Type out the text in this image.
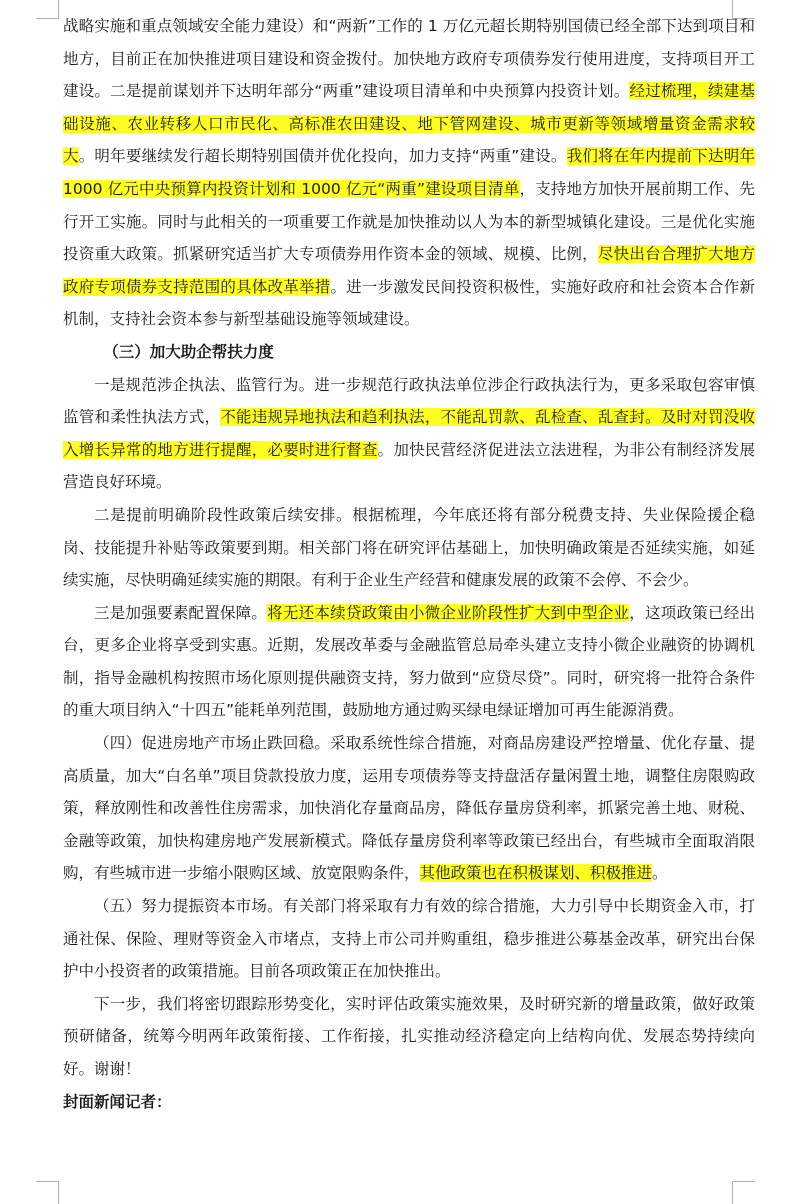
战略实施和重点领域安全能力建设）和“两新”工作的 1 万亿元超长期特别国债已经全部下达到项目和地方，目前正在加快推进项目建设和资金拨付。加快地方政府专项债券发行使用进度，支持项目开工建设。二是提前谋划并下达明年部分“两重”建设项目清单和中央预算内投资计划。经过梳理，续建基础设施、农业转移人口市民化、高标准农田建设、地下管网建设、城市更新等领域增量资金需求较大。明年要继续发行超长期特别国债并优化投向，加力支持“两重”建设。我们将在年内提前下达明年 1000 亿元中央预算内投资计划和 1000 亿元“两重”建设项目清单，支持地方加快开展前期工作、先行开工实施。同时与此相关的一项重要工作就是加快推动以人为本的新型城镇化建设。三是优化实施投资重大政策。抓紧研究适当扩大专项债券用作资本金的领域、规模、比例，尽快出台合理扩大地方政府专项债券支持范围的具体改革举措。进一步激发民间投资积极性，实施好政府和社会资本合作新机制，支持社会资本参与新型基础设施等领域建设。

（三）加大助企帮扶力度

一是规范涉企执法、监管行为。进一步规范行政执法单位涉企行政执法行为，更多采取包容审慎监管和柔性执法方式，不能违规异地执法和趋利执法，不能乱罚款、乱检查、乱查封。及时对罚没收入增长异常的地方进行提醒，必要时进行督查。加快民营经济促进法立法进程，为非公有制经济发展营造良好环境。

二是提前明确阶段性政策后续安排。根据梳理，今年底还将有部分税费支持、失业保险援企稳岗、技能提升补贴等政策要到期。相关部门将在研究评估基础上，加快明确政策是否延续实施，如延续实施，尽快明确延续实施的期限。有利于企业生产经营和健康发展的政策不会停、不会少。

三是加强要素配置保障。将无还本续贷政策由小微企业阶段性扩大到中型企业，这项政策已经出台，更多企业将享受到实惠。近期，发展改革委与金融监管总局牵头建立支持小微企业融资的协调机制，指导金融机构按照市场化原则提供融资支持，努力做到“应贷尽贷”。同时，研究将一批符合条件的重大项目纳入“十四五”能耗单列范围，鼓励地方通过购买绿电绿证增加可再生能源消费。

（四）促进房地产市场止跌回稳。采取系统性综合措施，对商品房建设严控增量、优化存量、提高质量，加大“白名单”项目贷款投放力度，运用专项债券等支持盘活存量闲置土地，调整住房限购政策，释放刚性和改善性住房需求，加快消化存量商品房，降低存量房贷利率，抓紧完善土地、财税、金融等政策，加快构建房地产发展新模式。降低存量房贷利率等政策已经出台，有些城市全面取消限购，有些城市进一步缩小限购区域、放宽限购条件，其他政策也在积极谋划、积极推进。

（五）努力提振资本市场。有关部门将采取有力有效的综合措施，大力引导中长期资金入市，打通社保、保险、理财等资金入市堵点，支持上市公司并购重组，稳步推进公募基金改革，研究出台保护中小投资者的政策措施。目前各项政策正在加快推出。

下一步，我们将密切跟踪形势变化，实时评估政策实施效果，及时研究新的增量政策，做好政策预研储备，统筹今明两年政策衔接、工作衔接，扎实推动经济稳定向上结构向优、发展态势持续向好。谢谢！

封面新闻记者：
